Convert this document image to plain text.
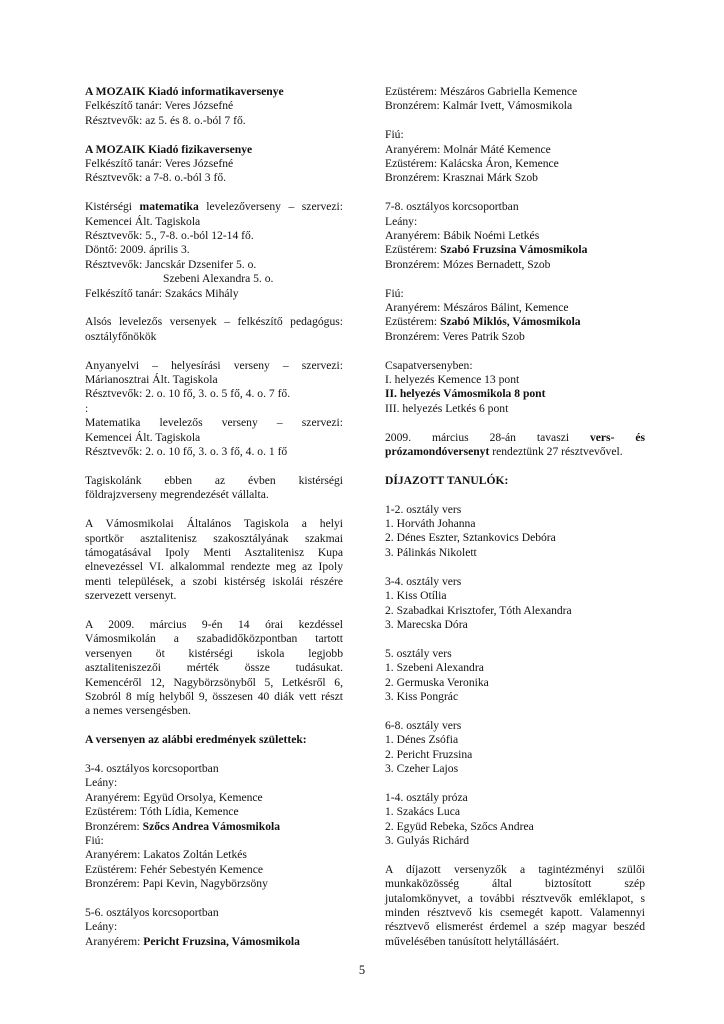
A MOZAIK Kiadó informatikaversenye
Felkészítő tanár: Veres Józsefné
Résztvevők: az 5. és 8. o.-ból 7 fő.
A MOZAIK Kiadó fizikaversenye
Felkészítő tanár: Veres Józsefné
Résztvevők: a 7-8. o.-ból 3 fő.
Kistérségi matematika levelezőverseny – szervezi:
Kemencei Ált. Tagiskola
Résztvevők: 5., 7-8. o.-ból 12-14 fő.
Döntő: 2009. április 3.
Résztvevők: Jancskár Dzsenifer 5. o.
Szebeni Alexandra 5. o.
Felkészítő tanár: Szakács Mihály
Alsós levelezős versenyek – felkészítő pedagógus:
osztályfőnökök
Anyanyelvi – helyesírási verseny – szervezi:
Márianosztrai Ált. Tagiskola
Résztvevők: 2. o. 10 fő, 3. o. 5 fő, 4. o. 7 fő.
:
Matematika levelezős verseny – szervezi:
Kemencei Ált. Tagiskola
Résztvevők: 2. o. 10 fő, 3. o. 3 fő, 4. o. 1 fő
Tagiskolánk ebben az évben kistérségi
földrajzverseny megrendezését vállalta.
A Vámosmikolai Általános Tagiskola a helyi
sportkör asztalitenisz szakosztályának szakmai
támogatásával Ipoly Menti Asztalitenisz Kupa
elnevezéssel VI. alkalommal rendezte meg az Ipoly
menti települések, a szobi kistérség iskolái részére
szervezett versenyt.
A 2009. március 9-én 14 órai kezdéssel
Vámosmikolán a szabadidőközpontban tartott
versenyen öt kistérségi iskola legjobb
asztaliteniszezői mérték össze tudásukat.
Kemencéről 12, Nagybörzsönyből 5, Letkésről 6,
Szobról 8 míg helyből 9, összesen 40 diák vett részt
a nemes versengésben.
A versenyen az alábbi eredmények születtek:
3-4. osztályos korcsoportban
Leány:
Aranyérem: Együd Orsolya, Kemence
Ezüstérem: Tóth Lídia, Kemence
Bronzérem: Szőcs Andrea Vámosmikola
Fiú:
Aranyérem: Lakatos Zoltán Letkés
Ezüstérem: Fehér Sebestyén Kemence
Bronzérem: Papi Kevin, Nagybörzsöny
5-6. osztályos korcsoportban
Leány:
Aranyérem: Pericht Fruzsina, Vámosmikola
Ezüstérem: Mészáros Gabriella Kemence
Bronzérem: Kalmár Ivett, Vámosmikola
Fiú:
Aranyérem: Molnár Máté Kemence
Ezüstérem: Kalácska Áron, Kemence
Bronzérem: Krasznai Márk Szob
7-8. osztályos korcsoportban
Leány:
Aranyérem: Bábik Noémi Letkés
Ezüstérem: Szabó Fruzsina Vámosmikola
Bronzérem: Mózes Bernadett, Szob
Fiú:
Aranyérem: Mészáros Bálint, Kemence
Ezüstérem: Szabó Miklós, Vámosmikola
Bronzérem: Veres Patrik Szob
Csapatversenyben:
I. helyezés Kemence 13 pont
II. helyezés Vámosmikola 8 pont
III. helyezés Letkés 6 pont
2009. március 28-án tavaszi vers- és
prózamondóversenyt rendeztünk 27 résztvevővel.
DÍJAZOTT TANULÓK:
1-2. osztály vers
1. Horváth Johanna
2. Dénes Eszter, Sztankovics Debóra
3. Pálinkás Nikolett
3-4. osztály vers
1. Kiss Otília
2. Szabadkai Krisztofer, Tóth Alexandra
3. Marecska Dóra
5. osztály vers
1. Szebeni Alexandra
2. Germuska Veronika
3. Kiss Pongrác
6-8. osztály vers
1. Dénes Zsófia
2. Pericht Fruzsina
3. Czeher Lajos
1-4. osztály próza
1. Szakács Luca
2. Együd Rebeka, Szőcs Andrea
3. Gulyás Richárd
A díjazott versenyzők a tagintézményi szülői
munkaközösség által biztosított szép
jutalomkönyvet, a további résztvevők emléklapot, s
minden résztvevő kis csemegét kapott. Valamennyi
résztvevő elismerést érdemel a szép magyar beszéd
művelésében tanúsított helytállásáért.
5
